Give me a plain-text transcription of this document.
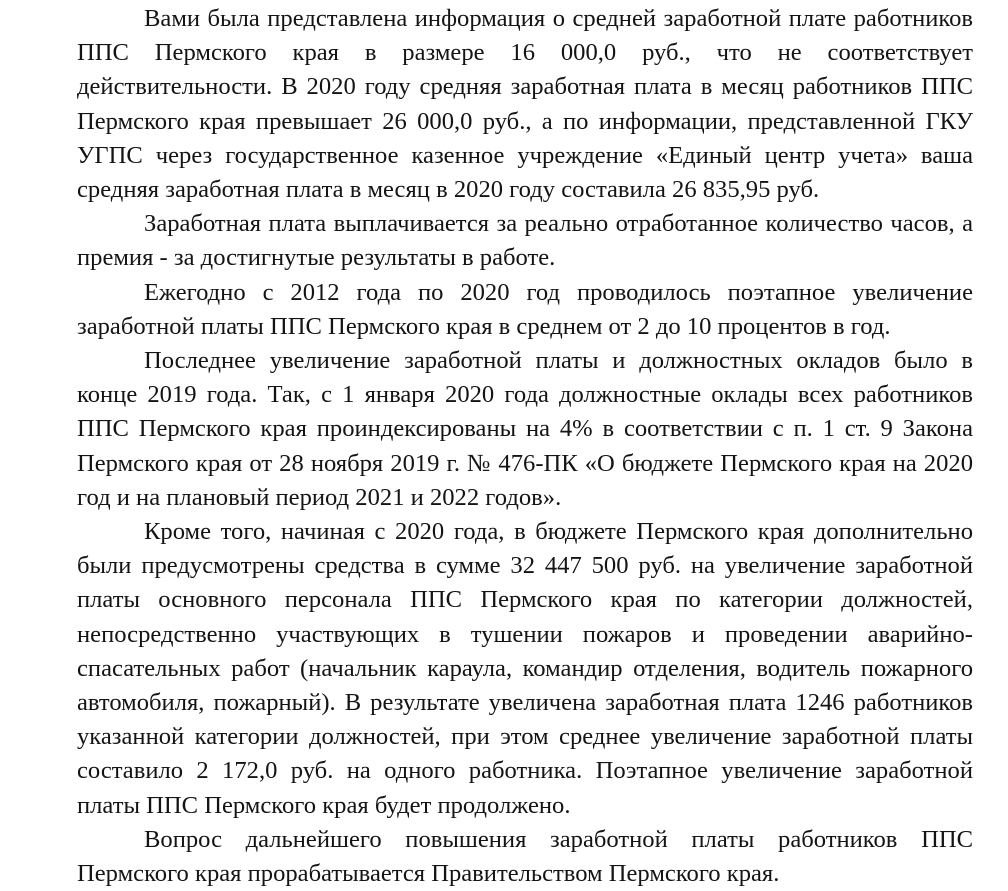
Вами была представлена информация о средней заработной плате работников ППС Пермского края в размере 16 000,0 руб., что не соответствует действительности. В 2020 году средняя заработная плата в месяц работников ППС Пермского края превышает 26 000,0 руб., а по информации, представленной ГКУ УГПС через государственное казенное учреждение «Единый центр учета» ваша средняя заработная плата в месяц в 2020 году составила 26 835,95 руб.

Заработная плата выплачивается за реально отработанное количество часов, а премия - за достигнутые результаты в работе.

Ежегодно с 2012 года по 2020 год проводилось поэтапное увеличение заработной платы ППС Пермского края в среднем от 2 до 10 процентов в год.

Последнее увеличение заработной платы и должностных окладов было в конце 2019 года. Так, с 1 января 2020 года должностные оклады всех работников ППС Пермского края проиндексированы на 4% в соответствии с п. 1 ст. 9 Закона Пермского края от 28 ноября 2019 г. № 476-ПК «О бюджете Пермского края на 2020 год и на плановый период 2021 и 2022 годов».

Кроме того, начиная с 2020 года, в бюджете Пермского края дополнительно были предусмотрены средства в сумме 32 447 500 руб. на увеличение заработной платы основного персонала ППС Пермского края по категории должностей, непосредственно участвующих в тушении пожаров и проведении аварийно-спасательных работ (начальник караула, командир отделения, водитель пожарного автомобиля, пожарный). В результате увеличена заработная плата 1246 работников указанной категории должностей, при этом среднее увеличение заработной платы составило 2 172,0 руб. на одного работника. Поэтапное увеличение заработной платы ППС Пермского края будет продолжено.

Вопрос дальнейшего повышения заработной платы работников ППС Пермского края прорабатывается Правительством Пермского края.
